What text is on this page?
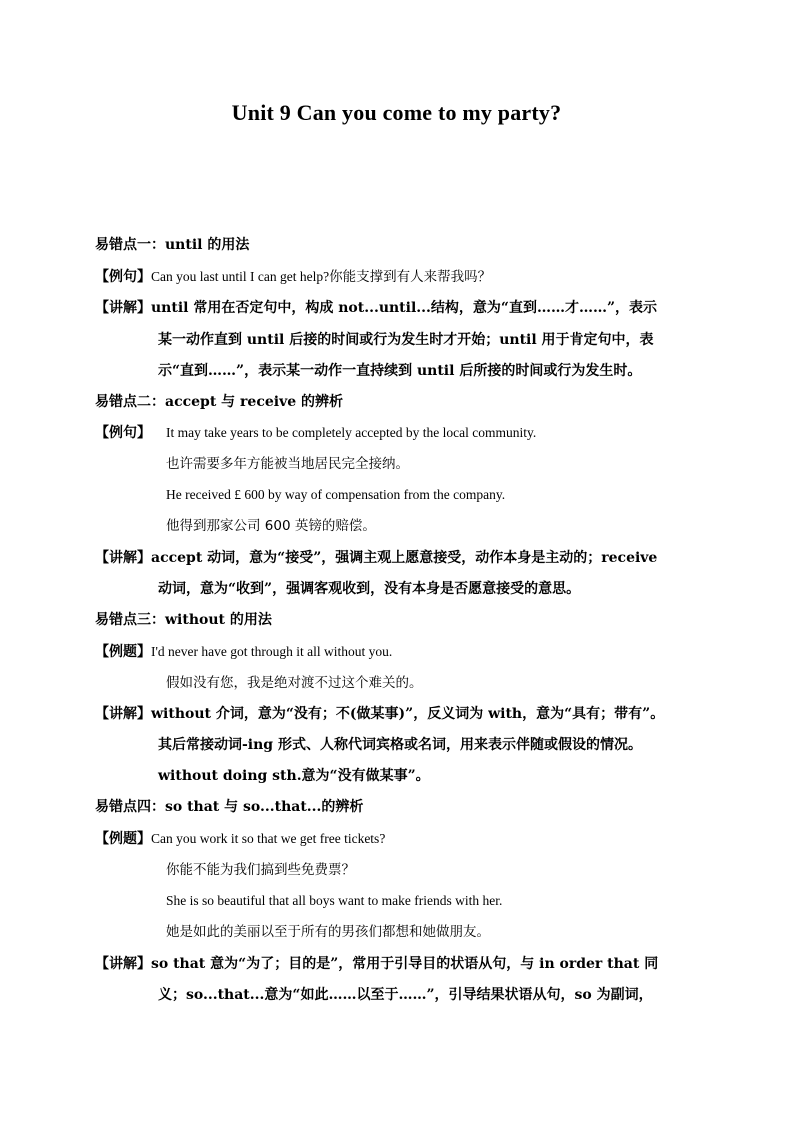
Unit 9 Can you come to my party?
易错点一：until 的用法
【例句】Can you last until I can get help?你能支撑到有人来帮我吗？
【讲解】until 常用在否定句中，构成 not...until...结构，意为“直到……才……”，表示
某一动作直到 until 后接的时间或行为发生时才开始；until 用于肯定句中，表
示“直到……”，表示某一动作一直持续到 until 后所接的时间或行为发生时。
易错点二：accept 与 receive 的辨析
【例句】 It may take years to be completely accepted by the local community.
也许需要多年方能被当地居民完全接纳。
He received £ 600 by way of compensation from the company.
他得到那家公司 600 英镑的赔偿。
【讲解】accept 动词，意为“接受”，强调主观上愿意接受，动作本身是主动的；receive
动词，意为“收到”，强调客观收到，没有本身是否愿意接受的意思。
易错点三：without 的用法
【例题】I'd never have got through it all without you.
假如没有您，我是绝对渡不过这个难关的。
【讲解】without 介词，意为“没有；不(做某事)”，反义词为 with，意为“具有；带有”。
其后常接动词-ing 形式、人称代词宾格或名词，用来表示伴随或假设的情况。
without doing sth.意为“没有做某事”。
易错点四：so that 与 so...that...的辨析
【例题】Can you work it so that we get free tickets?
你能不能为我们搞到些免费票？
She is so beautiful that all boys want to make friends with her.
她是如此的美丽以至于所有的男孩们都想和她做朋友。
【讲解】so that 意为“为了；目的是”，常用于引导目的状语从句，与 in order that 同
义；so...that...意为“如此……以至于……”，引导结果状语从句，so 为副词，
